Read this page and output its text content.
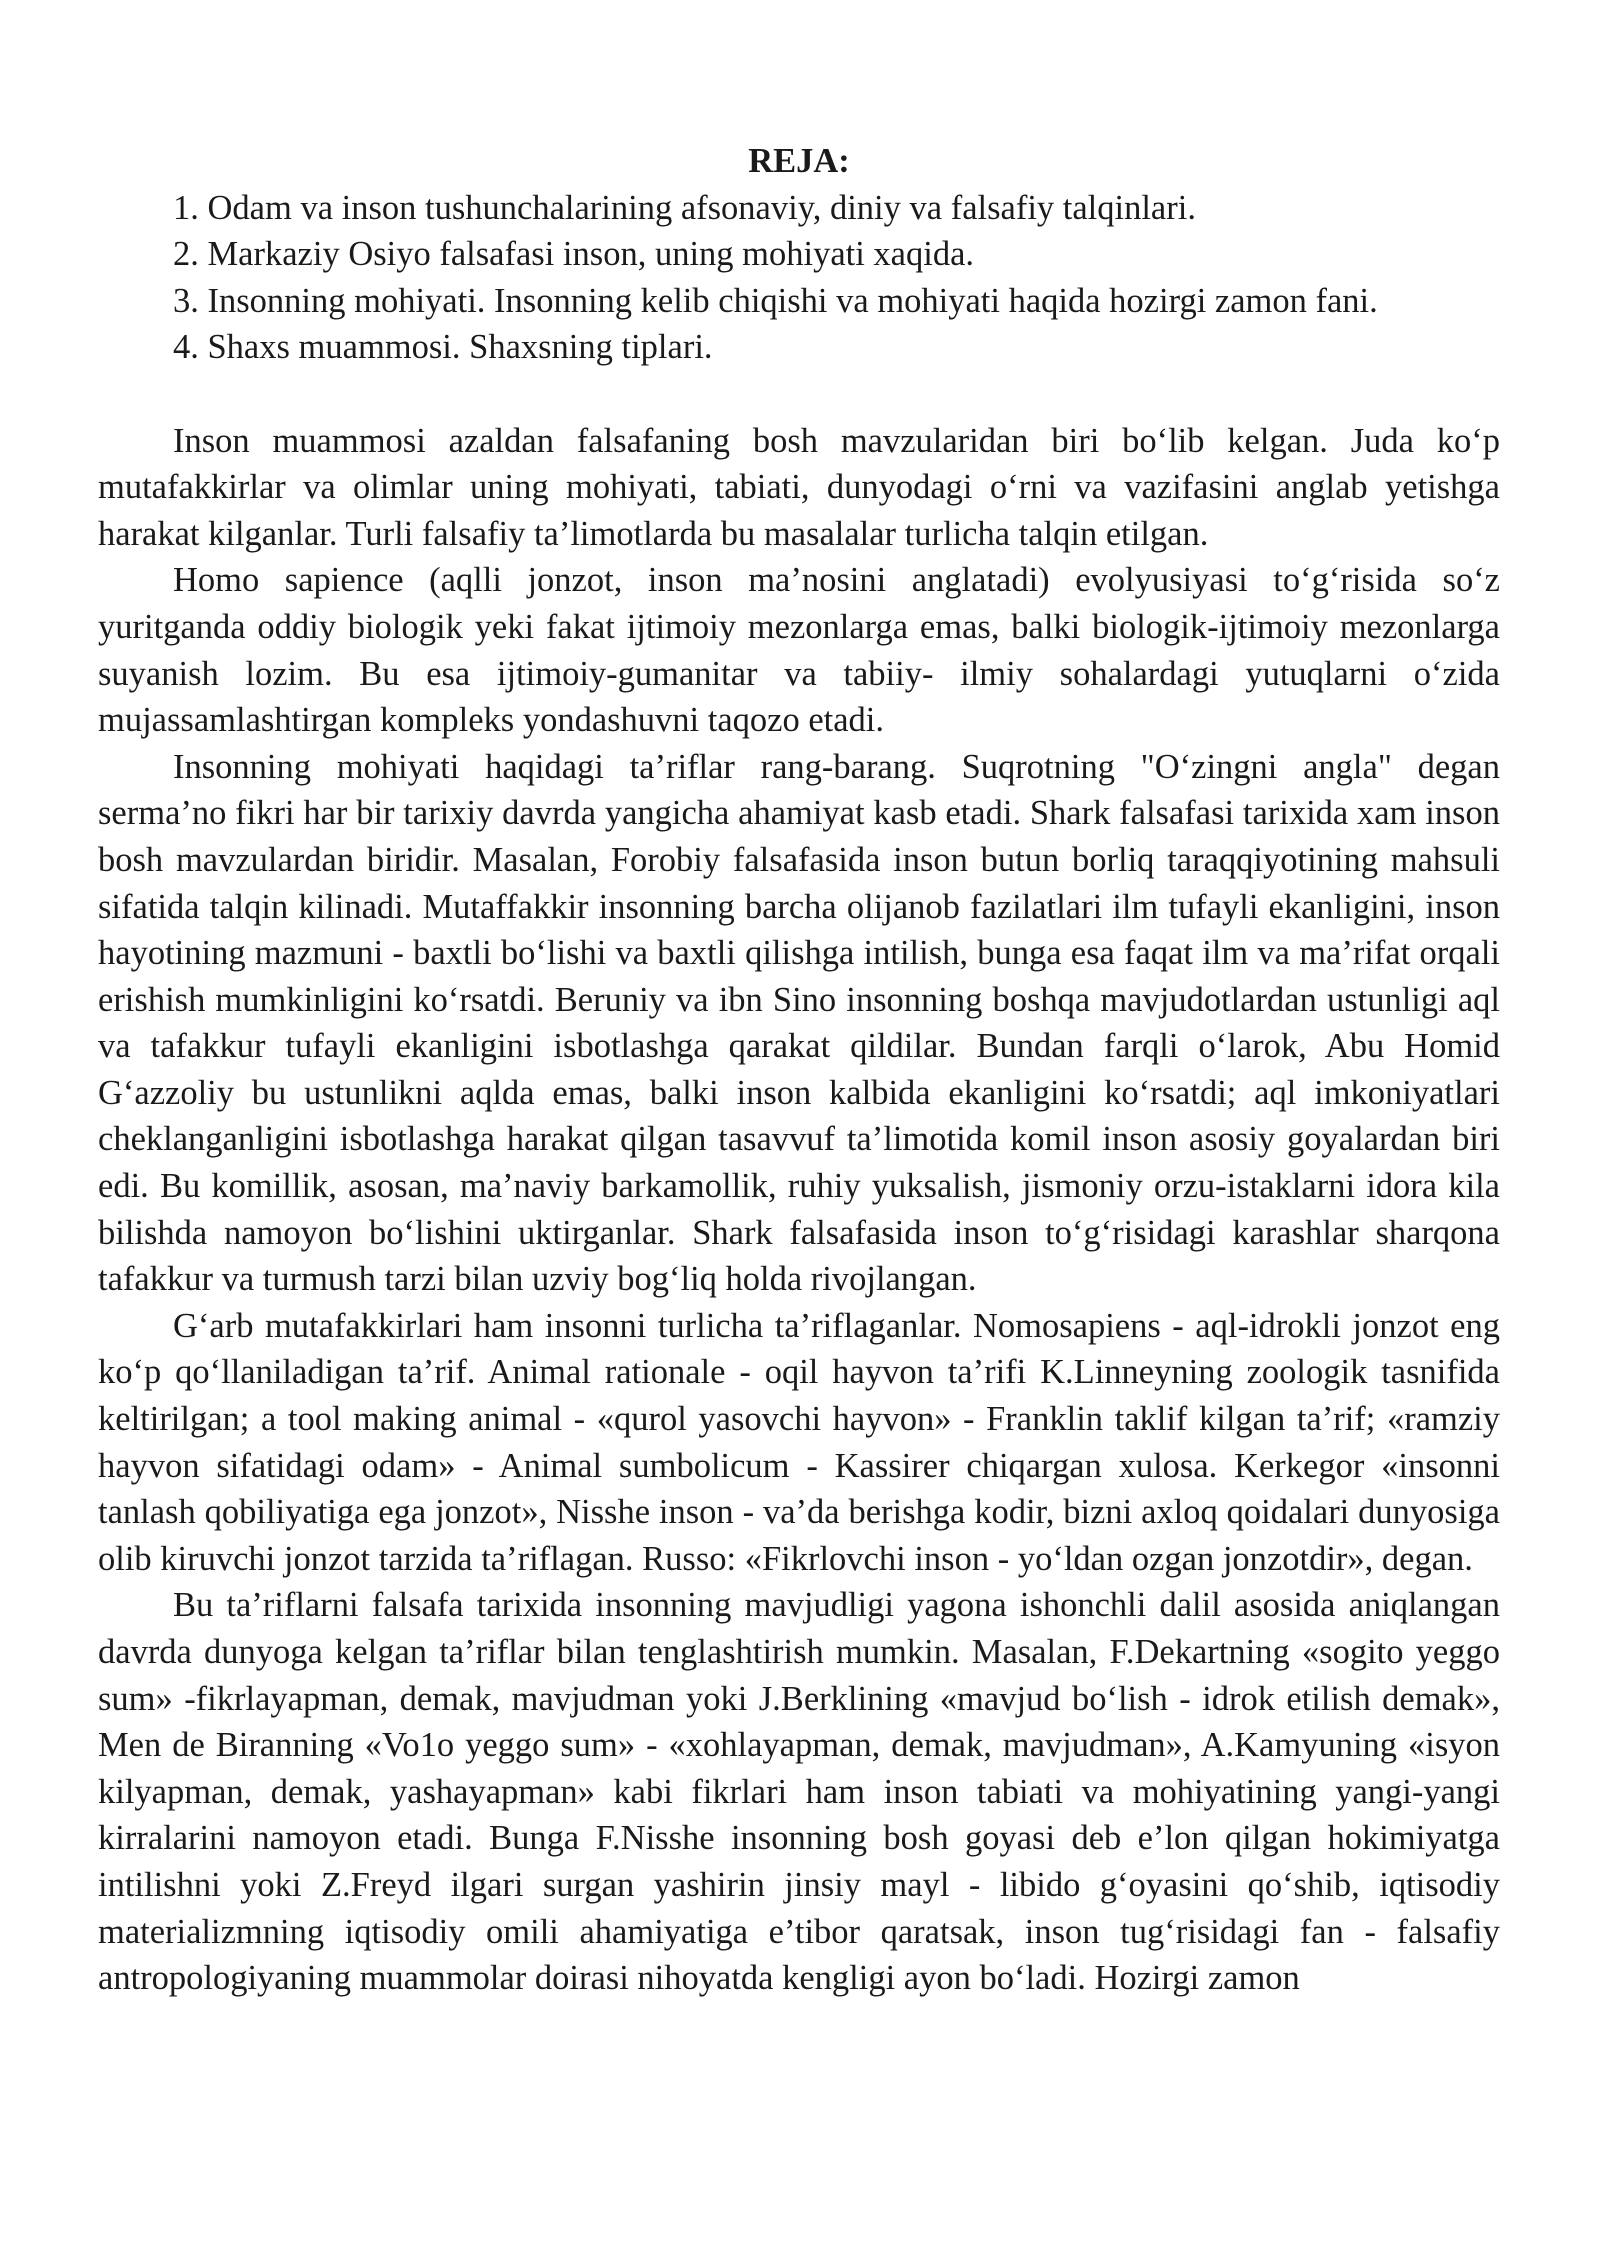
REJA:
1. Odam va inson tushunchalarining afsonaviy, diniy va falsafiy talqinlari.
2. Markaziy Osiyo falsafasi inson, uning mohiyati xaqida.
3. Insonning mohiyati. Insonning kelib chiqishi va mohiyati haqida hozirgi zamon fani.
4. Shaxs muammosi. Shaxsning tiplari.

Inson muammosi azaldan falsafaning bosh mavzularidan biri bo‘lib kelgan. Juda ko‘p mutafakkirlar va olimlar uning mohiyati, tabiati, dunyodagi o‘rni va vazifasini anglab yetishga harakat kilganlar. Turli falsafiy ta’limotlarda bu masalalar turlicha talqin etilgan.

Homo sapience (aqlli jonzot, inson ma’nosini anglatadi) evolyusiyasi to‘g‘risida so‘z yuritganda oddiy biologik yeki fakat ijtimoiy mezonlarga emas, balki biologik-ijtimoiy mezonlarga suyanish lozim. Bu esa ijtimoiy-gumanitar va tabiiy- ilmiy sohalardagi yutuqlarni o‘zida mujassamlashtirgan kompleks yondashuvni taqozo etadi.

Insonning mohiyati haqidagi ta’riflar rang-barang. Suqrotning "O‘zingni angla" degan serma’no fikri har bir tarixiy davrda yangicha ahamiyat kasb etadi. Shark falsafasi tarixida xam inson bosh mavzulardan biridir. Masalan, Forobiy falsafasida inson butun borliq taraqqiyotining mahsuli sifatida talqin kilinadi. Mutaffakkir insonning barcha olijanob fazilatlari ilm tufayli ekanligini, inson hayotining mazmuni - baxtli bo‘lishi va baxtli qilishga intilish, bunga esa faqat ilm va ma’rifat orqali erishish mumkinligini ko‘rsatdi. Beruniy va ibn Sino insonning boshqa mavjudotlardan ustunligi aql va tafakkur tufayli ekanligini isbotlashga qarakat qildilar. Bundan farqli o‘larok, Abu Homid G‘azzoliy bu ustunlikni aqlda emas, balki inson kalbida ekanligini ko‘rsatdi; aql imkoniyatlari cheklanganligini isbotlashga harakat qilgan tasavvuf ta’limotida komil inson asosiy goyalardan biri edi. Bu komillik, asosan, ma’naviy barkamollik, ruhiy yuksalish, jismoniy orzu-istaklarni idora kila bilishda namoyon bo‘lishini uktirganlar. Shark falsafasida inson to‘g‘risidagi karashlar sharqona tafakkur va turmush tarzi bilan uzviy bog‘liq holda rivojlangan.

G‘arb mutafakkirlari ham insonni turlicha ta’riflaganlar. Nomosapiens - aql-idrokli jonzot eng ko‘p qo‘llaniladigan ta’rif. Animal rationale - oqil hayvon ta’rifi K.Linneyning zoologik tasnifida keltirilgan; a tool making animal - «qurol yasovchi hayvon» - Franklin taklif kilgan ta’rif; «ramziy hayvon sifatidagi odam» - Animal sumbolicum - Kassirer chiqargan xulosa. Kerkegor «insonni tanlash qobiliyatiga ega jonzot», Nisshe inson - va’da berishga kodir, bizni axloq qoidalari dunyosiga olib kiruvchi jonzot tarzida ta’riflagan. Russo: «Fikrlovchi inson - yo‘ldan ozgan jonzotdir», degan.

Bu ta’riflarni falsafa tarixida insonning mavjudligi yagona ishonchli dalil asosida aniqlangan davrda dunyoga kelgan ta’riflar bilan tenglashtirish mumkin. Masalan, F.Dekartning «sogito yeggo sum» -fikrlayapman, demak, mavjudman yoki J.Berklining «mavjud bo‘lish - idrok etilish demak», Men de Biranning «Vo1o yeggo sum» - «xohlayapman, demak, mavjudman», A.Kamyuning «isyon kilyapman, demak, yashayapman» kabi fikrlari ham inson tabiati va mohiyatining yangi-yangi kirralarini namoyon etadi. Bunga F.Nisshe insonning bosh goyasi deb e’lon qilgan hokimiyatga intilishni yoki Z.Freyd ilgari surgan yashirin jinsiy mayl - libido g‘oyasini qo‘shib, iqtisodiy materializmning iqtisodiy omili ahamiyatiga e’tibor qaratsak, inson tug‘risidagi fan - falsafiy antropologiyaning muammolar doirasi nihoyatda kengligi ayon bo‘ladi. Hozirgi zamon
